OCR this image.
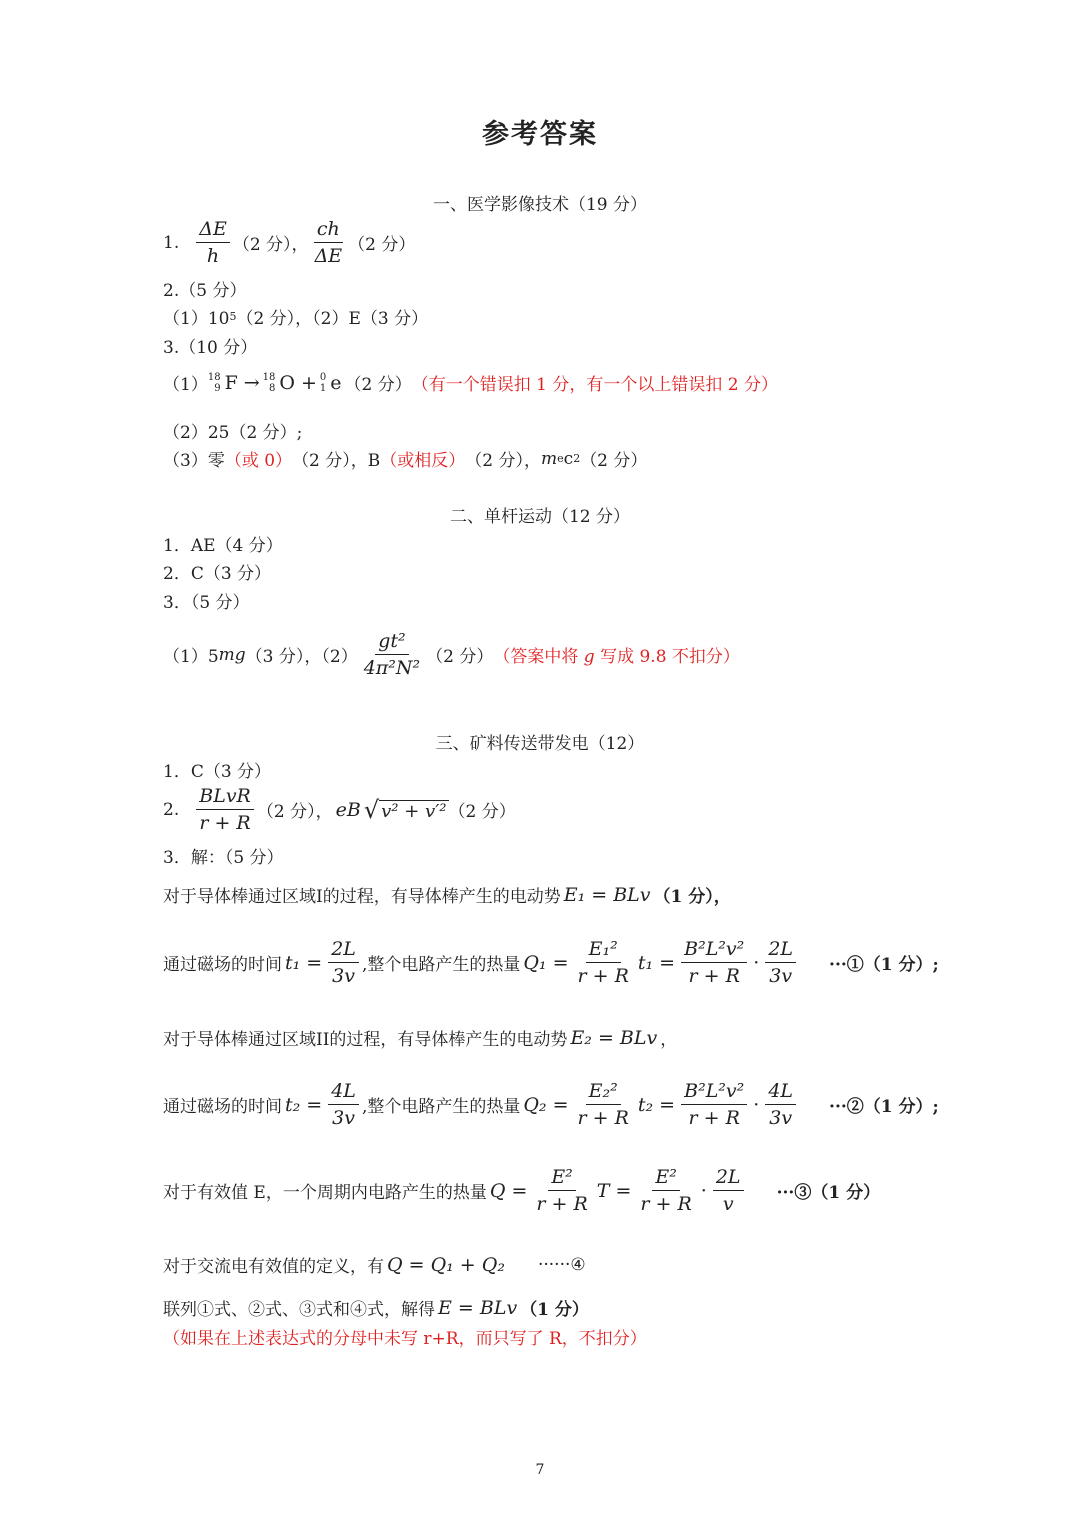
参考答案
一、医学影像技术（19 分）
1. $\frac{\Delta E}{h} (2$ 分）， $\frac{ch}{\Delta E} (2$ 分）
2.（5 分）
（1）10 5 （2 分），（2）E（3 分）
3.（10 分）
（1） 18
9 F → 18
8 O + 0
1 e （2 分） （有一个错误扣 1 分，有一个以上错误扣 2 分）
（2）25（2 分）;
（3）零 （或 0） （2 分），B （或相反） （2 分）， m e c 2 （2 分）
二、单杆运动（12 分）
1．AE（4 分）
2．C（3 分）
3．（5 分）
（1）5 mg （3 分），$(2) \frac{\text{gt²}}{\text{4π²N²}} (2$ 分） （答案中将 g 写成 9.8 不扣分）
三、矿料传送带发电（12）
1．C（3 分）
2. $\frac{\text{BLvR}}{r + R} (2$ 分）， eB √ v² + v′² （2 分）
3．解：（5 分）
对于导体棒通过区域I的过程，有导体棒产生的电动势 E₁ = BLv （1 分），
通过磁场的时间 $t_1 = \frac{2L}{3v}$ ,整个电路产生的热量 $Q_1 = \frac{\text{E₁²}}{r + R} t_1 = \frac{\text{B²L²v²}}{r + R} \cdot \frac{2L}{3v}$ ···①（1 分）;
对于导体棒通过区域II的过程，有导体棒产生的电动势 E₂ = BLv ，
通过磁场的时间 $t_2 = \frac{4L}{3v}$ ,整个电路产生的热量 $Q_2 = \frac{\text{E₂²}}{r + R} t_2 = \frac{\text{B²L²v²}}{r + R} \cdot \frac{4L}{3v}$ ···②（1 分）;
对于有效值 E，一个周期内电路产生的热量 $Q = \frac{\text{E²}}{r + R}$ $T = \frac{\text{E²}}{r + R} \cdot \frac{2L}{v}$ ···③（1 分）
对于交流电有效值的定义，有 Q = Q₁ + Q₂ ······④
联列①式、②式、③式和④式，解得 E = BLv （1 分）
（如果在上述表达式的分母中未写 r+R，而只写了 R，不扣分）
7
